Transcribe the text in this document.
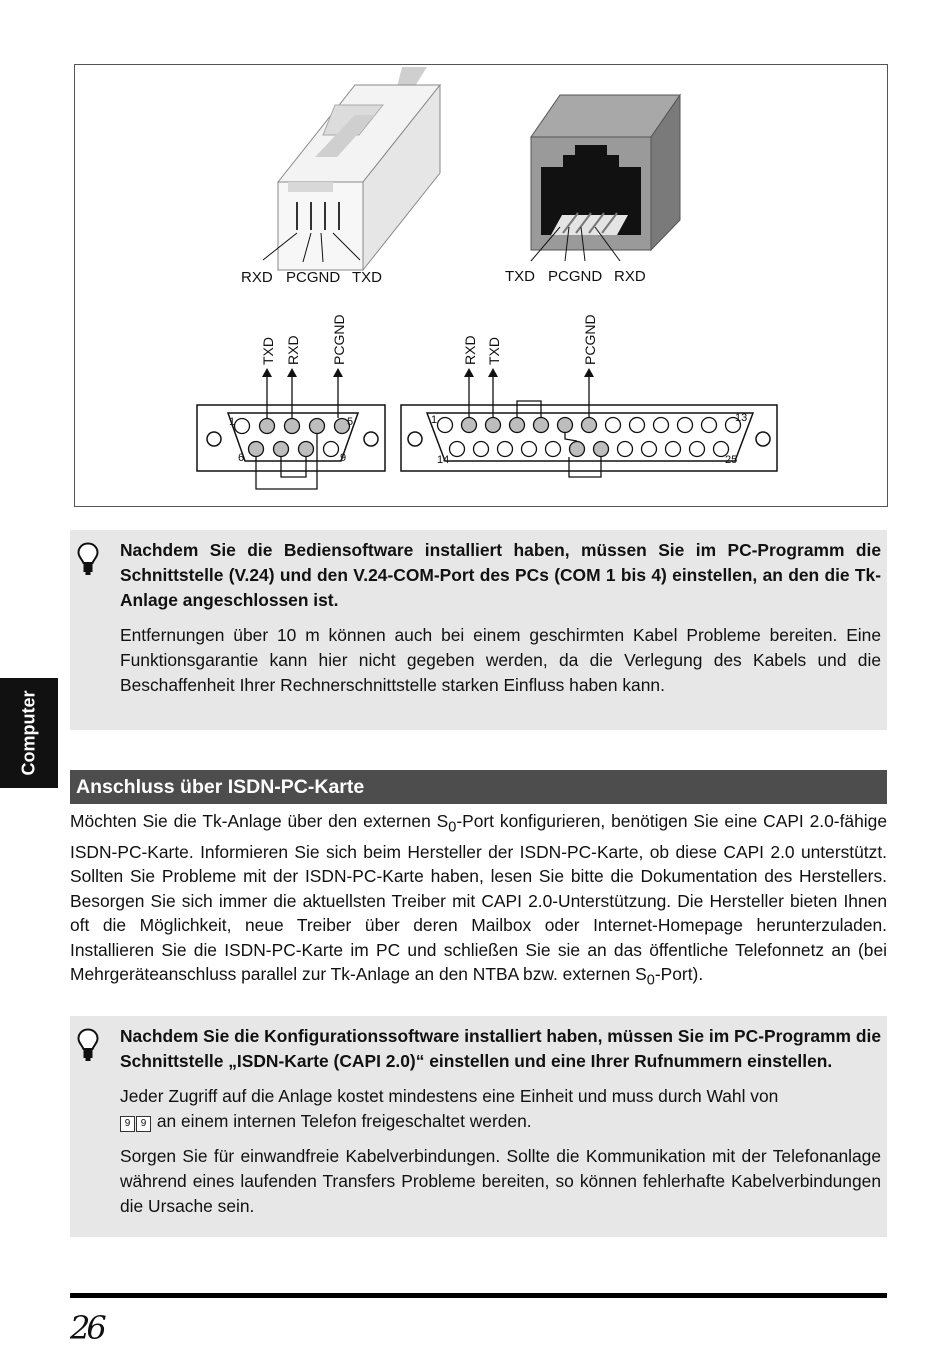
Computer
RXD PCGND TXD	TXD PCGND RXD
1	5
6	9
TXD RXD PCGND
1	13
14	25
RXD TXD	PCGND

Nachdem Sie die Bediensoftware installiert haben, müssen Sie im PC-Programm die Schnittstelle (V.24) und den V.24-COM-Port des PCs (COM 1 bis 4) einstellen, an den die Tk-Anlage angeschlossen ist.

Entfernungen über 10 m können auch bei einem geschirmten Kabel Probleme bereiten. Eine Funktionsgarantie kann hier nicht gegeben werden, da die Verlegung des Kabels und die Beschaffenheit Ihrer Rechnerschnittstelle starken Einfluss haben kann.

Anschluss über ISDN-PC-Karte

Möchten Sie die Tk-Anlage über den externen $S_0$-Port konfigurieren, benötigen Sie eine CAPI 2.0-fähige ISDN-PC-Karte. Informieren Sie sich beim Hersteller der ISDN-PC-Karte, ob diese CAPI 2.0 unterstützt. Sollten Sie Probleme mit der ISDN-PC-Karte haben, lesen Sie bitte die Dokumentation des Herstellers. Besorgen Sie sich immer die aktuellsten Treiber mit CAPI 2.0-Unterstützung. Die Hersteller bieten Ihnen oft die Möglichkeit, neue Treiber über deren Mailbox oder Internet-Homepage herunterzuladen. Installieren Sie die ISDN-PC-Karte im PC und schließen Sie sie an das öffentliche Telefonnetz an (bei Mehrgeräteanschluss parallel zur Tk-Anlage an den NTBA bzw. externen $S_0-Port$).

Nachdem Sie die Konfigurationssoftware installiert haben, müssen Sie im PC-Programm die Schnittstelle „ISDN-Karte (CAPI 2.0)“ einstellen und eine Ihrer Rufnummern einstellen.

Jeder Zugriff auf die Anlage kostet mindestens eine Einheit und muss durch Wahl von
9 9 an einem internen Telefon freigeschaltet werden.

Sorgen Sie für einwandfreie Kabelverbindungen. Sollte die Kommunikation mit der Telefonanlage während eines laufenden Transfers Probleme bereiten, so können fehlerhafte Kabelverbindungen die Ursache sein.

26
